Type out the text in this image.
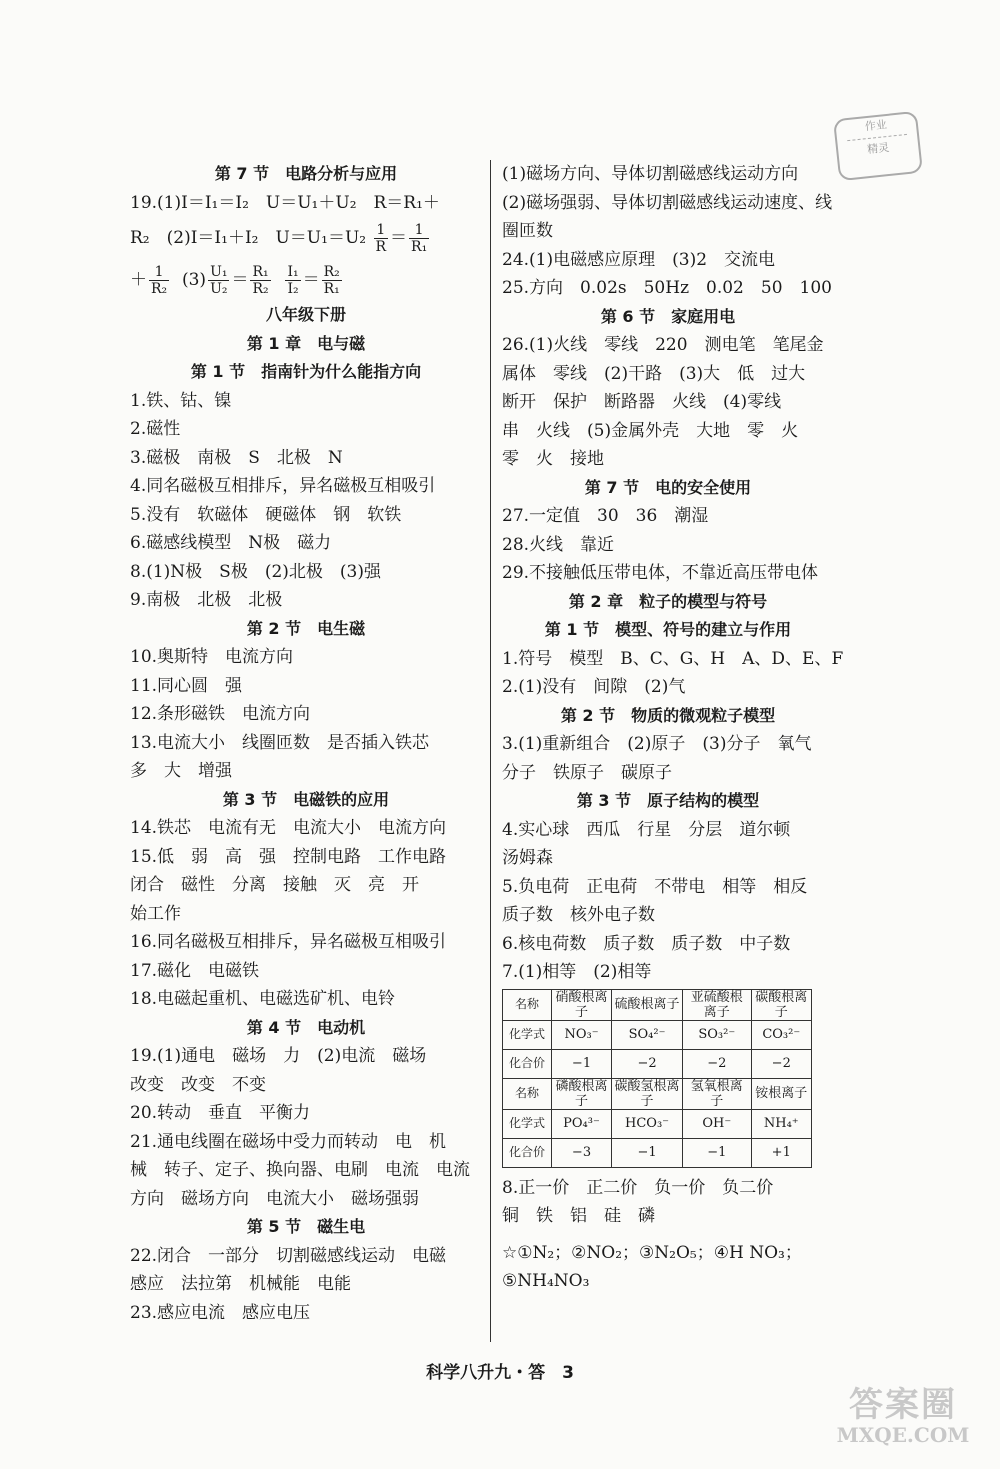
作业
精灵
第 7 节　电路分析与应用
19.(1)I＝I₁＝I₂　U＝U₁＋U₂　R＝R₁＋
R₂　(2)I＝I₁＋I₂　$U=U_1=U_2 \frac{1}{R} = \frac{1}{\text{R₁}}$
＋ $\frac{1}{\text{R₂}} (3) \frac{\text{U₁}}{\text{U₂}} = \frac{\text{R₁}}{\text{R₂}}$
$\frac{\text{I₁}}{\text{I₂}} = \frac{\text{R₂}}{\text{R₁}}$
八年级下册
第 1 章　电与磁
第 1 节　指南针为什么能指方向
1.铁、钴、镍
2.磁性
3.磁极　南极　S　北极　N
4.同名磁极互相排斥，异名磁极互相吸引
5.没有　软磁体　硬磁体　钢　软铁
6.磁感线模型　N极　磁力
8.(1)N极　S极　(2)北极　(3)强
9.南极　北极　北极
第 2 节　电生磁
10.奥斯特　电流方向
11.同心圆　强
12.条形磁铁　电流方向
13.电流大小　线圈匝数　是否插入铁芯
多　大　增强
第 3 节　电磁铁的应用
14.铁芯　电流有无　电流大小　电流方向
15.低　弱　高　强　控制电路　工作电路
闭合　磁性　分离　接触　灭　亮　开
始工作
16.同名磁极互相排斥，异名磁极互相吸引
17.磁化　电磁铁
18.电磁起重机、电磁选矿机、电铃
第 4 节　电动机
19.(1)通电　磁场　力　(2)电流　磁场
改变　改变　不变
20.转动　垂直　平衡力
21.通电线圈在磁场中受力而转动　电　机
械　转子、定子、换向器、电刷　电流　电流
方向　磁场方向　电流大小　磁场强弱
第 5 节　磁生电
22.闭合　一部分　切割磁感线运动　电磁
感应　法拉第　机械能　电能
23.感应电流　感应电压
(1)磁场方向、导体切割磁感线运动方向
(2)磁场强弱、导体切割磁感线运动速度、线
圈匝数
24.(1)电磁感应原理　(3)2　交流电
25.方向　0.02s　50Hz　0.02　50　100
第 6 节　家庭用电
26.(1)火线　零线　220　测电笔　笔尾金
属体　零线　(2)干路　(3)大　低　过大
断开　保护　断路器　火线　(4)零线
串　火线　(5)金属外壳　大地　零　火
零　火　接地
第 7 节　电的安全使用
27.一定值　30　36　潮湿
28.火线　靠近
29.不接触低压带电体，不靠近高压带电体
第 2 章　粒子的模型与符号
第 1 节　模型、符号的建立与作用
1.符号　模型　B、C、G、H　A、D、E、F
2.(1)没有　间隙　(2)气
第 2 节　物质的微观粒子模型
3.(1)重新组合　(2)原子　(3)分子　氧气
分子　铁原子　碳原子
第 3 节　原子结构的模型
4.实心球　西瓜　行星　分层　道尔顿
汤姆森
5.负电荷　正电荷　不带电　相等　相反
质子数　核外电子数
6.核电荷数　质子数　质子数　中子数
7.(1)相等　(2)相等
名称	硝酸根离子	硫酸根离子	亚硫酸根离子	碳酸根离子
化学式	NO₃⁻	SO₄²⁻	SO₃²⁻	CO₃²⁻
化合价	−1	−2	−2	−2
名称	磷酸根离子	碳酸氢根离子	氢氧根离子	铵根离子
化学式	PO₄³⁻	HCO₃⁻	OH⁻	NH₄⁺
化合价	−3	−1	−1	+1
8.正一价　正二价　负一价　负二价
铜　铁　铝　硅　磷
☆①N₂；②NO₂；③N₂O₅；④H NO₃；
⑤NH₄NO₃
科学八升九・答　3
答案圈
MXQE.COM
